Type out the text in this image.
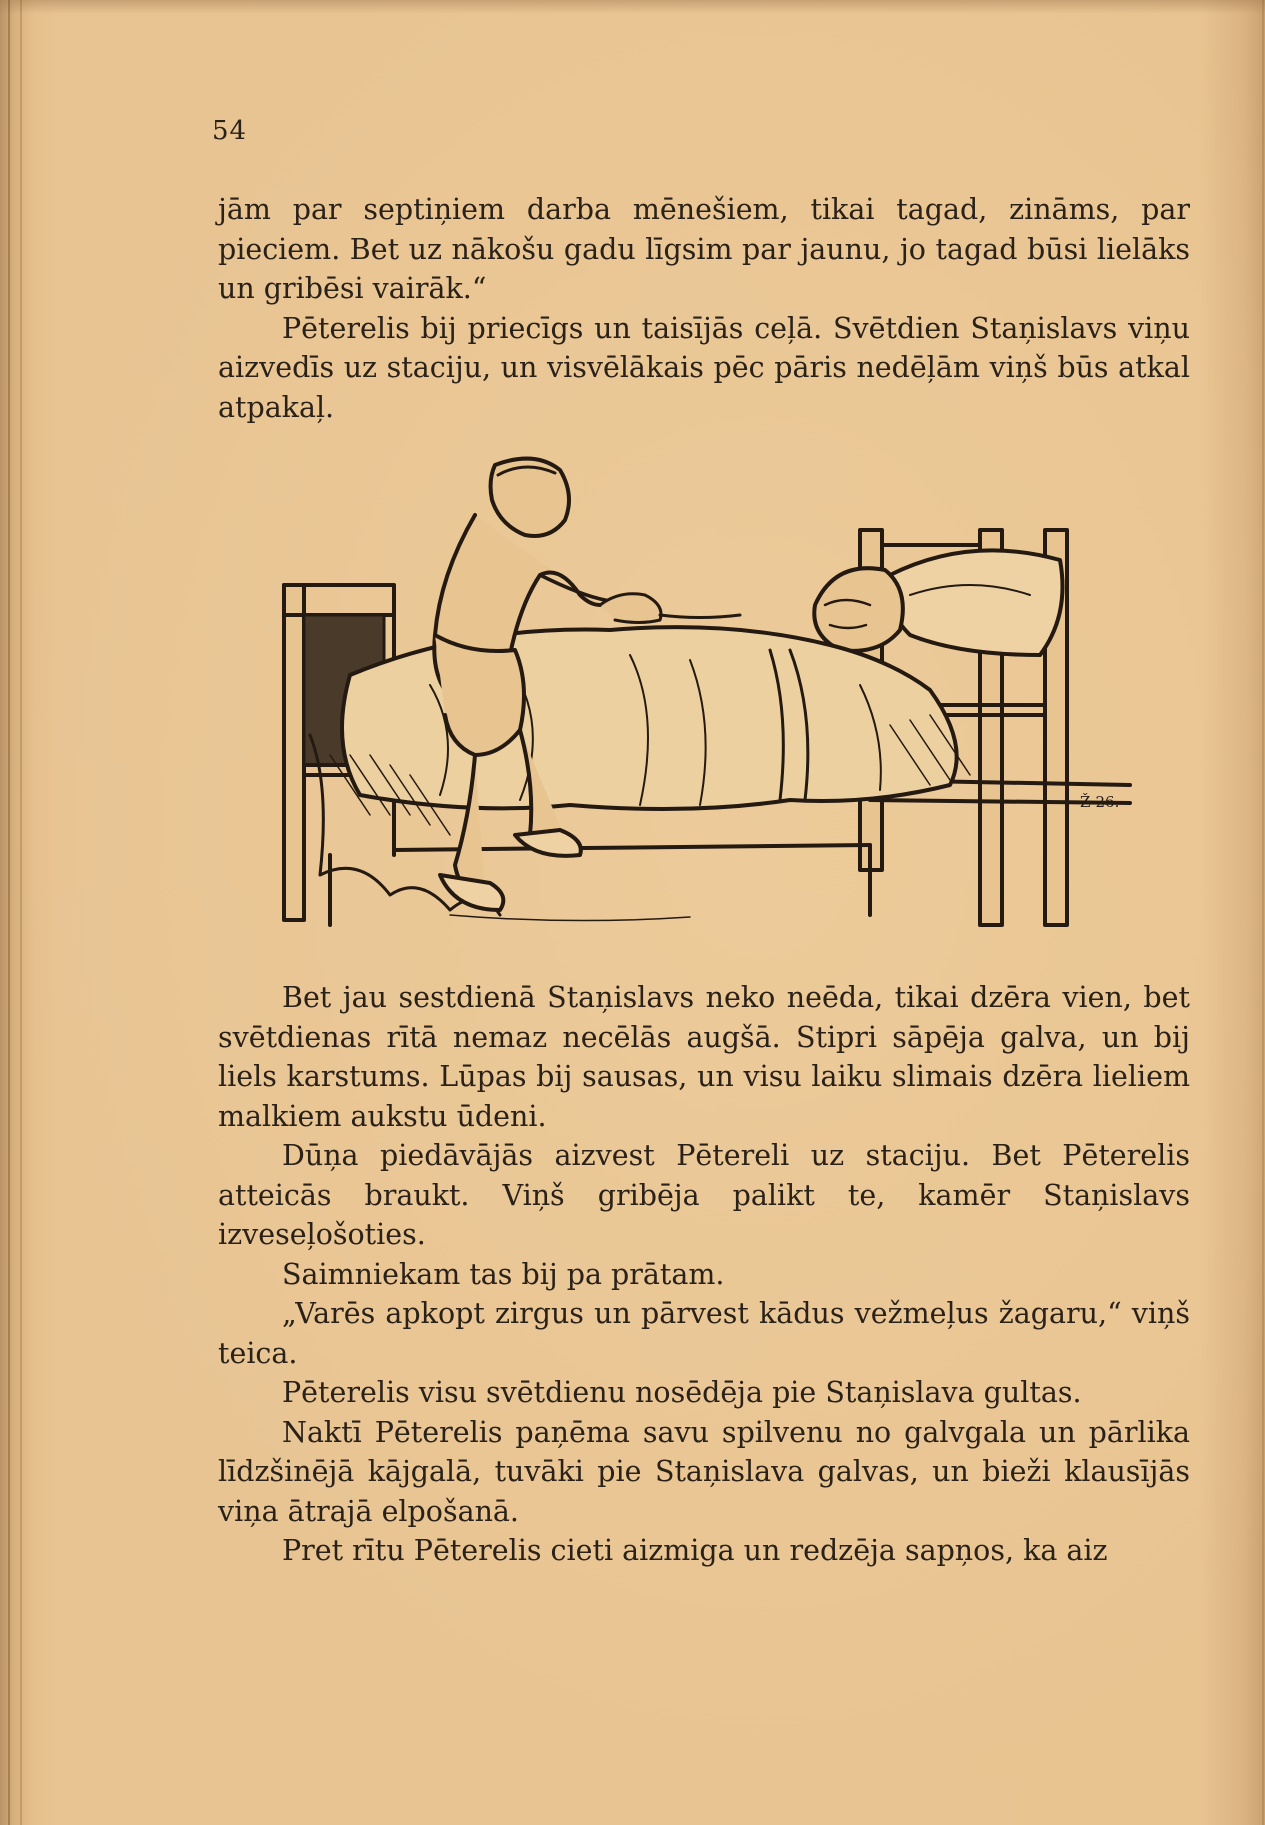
54

jām par septiņiem darba mēnešiem, tikai tagad, zināms, par pieciem. Bet uz nākošu gadu līgsim par jaunu, jo tagad būsi lielāks un gribēsi vairāk.“

Pēterelis bij priecīgs un taisījās ceļā. Svētdien Staņislavs viņu aizvedīs uz staciju, un visvēlākais pēc pāris nedēļām viņš būs atkal atpakaļ.

Ž-26.

Bet jau sestdienā Staņislavs neko neēda, tikai dzēra vien, bet svētdienas rītā nemaz necēlās augšā. Stipri sāpēja galva, un bij liels karstums. Lūpas bij sausas, un visu laiku slimais dzēra lieliem malkiem aukstu ūdeni.

Dūņa piedāvājās aizvest Pētereli uz staciju. Bet Pēterelis atteicās braukt. Viņš gribēja palikt te, kamēr Staņislavs izveseļošoties.

Saimniekam tas bij pa prātam.

„Varēs apkopt zirgus un pārvest kādus vežmeļus žagaru,“ viņš teica.

Pēterelis visu svētdienu nosēdēja pie Staņislava gultas.

Naktī Pēterelis paņēma savu spilvenu no galvgala un pārlika līdzšinējā kājgalā, tuvāki pie Staņislava galvas, un bieži klausījās viņa ātrajā elpošanā.

Pret rītu Pēterelis cieti aizmiga un redzēja sapņos, ka aiz
